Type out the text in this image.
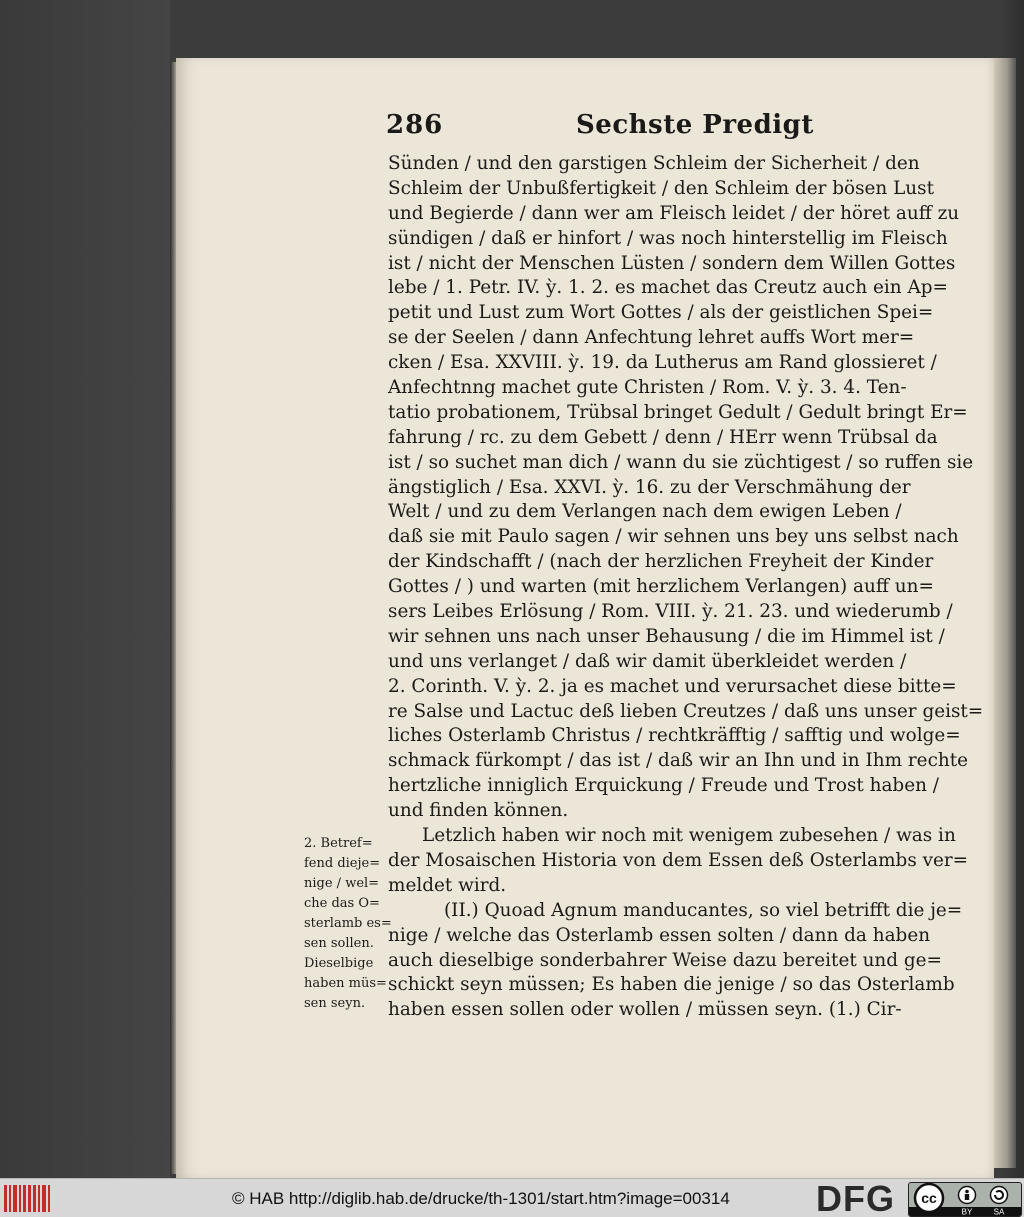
286	Sechste Predigt
Sünden / und den garstigen Schleim der Sicherheit / den
Schleim der Unbußfertigkeit / den Schleim der bösen Lust
und Begierde / dann wer am Fleisch leidet / der höret auff zu
sündigen / daß er hinfort / was noch hinterstellig im Fleisch
ist / nicht der Menschen Lüsten / sondern dem Willen Gottes
lebe / 1. Petr. IV. ỳ. 1. 2. es machet das Creutz auch ein Ap=
petit und Lust zum Wort Gottes / als der geistlichen Spei=
se der Seelen / dann Anfechtung lehret auffs Wort mer=
cken / Esa. XXVIII. ỳ. 19. da Lutherus am Rand glossieret /
Anfechtnng machet gute Christen / Rom. V. ỳ. 3. 4. Ten-
tatio probationem, Trübsal bringet Gedult / Gedult bringt Er=
fahrung / rc. zu dem Gebett / denn / HErr wenn Trübsal da
ist / so suchet man dich / wann du sie züchtigest / so ruffen sie
ängstiglich / Esa. XXVI. ỳ. 16. zu der Verschmähung der
Welt / und zu dem Verlangen nach dem ewigen Leben /
daß sie mit Paulo sagen / wir sehnen uns bey uns selbst nach
der Kindschafft / (nach der herzlichen Freyheit der Kinder
Gottes / ) und warten (mit herzlichem Verlangen) auff un=
sers Leibes Erlösung / Rom. VIII. ỳ. 21. 23. und wiederumb /
wir sehnen uns nach unser Behausung / die im Himmel ist /
und uns verlanget / daß wir damit überkleidet werden /
2. Corinth. V. ỳ. 2. ja es machet und verursachet diese bitte=
re Salse und Lactuc deß lieben Creutzes / daß uns unser geist=
liches Osterlamb Christus / rechtkräfftig / safftig und wolge=
schmack fürkompt / das ist / daß wir an Ihn und in Ihm rechte
hertzliche inniglich Erquickung / Freude und Trost haben /
und finden können.
Letzlich haben wir noch mit wenigem zubesehen / was in
der Mosaischen Historia von dem Essen deß Osterlambs ver=
meldet wird.
(II.) Quoad Agnum manducantes, so viel betrifft die je=
nige / welche das Osterlamb essen solten / dann da haben
auch dieselbige sonderbahrer Weise dazu bereitet und ge=
schickt seyn müssen; Es haben die jenige / so das Osterlamb
haben essen sollen oder wollen / müssen seyn. (1.) Cir-
2. Betref=
fend dieje=
nige / wel=
che das O=
sterlamb es=
sen sollen.
Dieselbige
haben müs=
sen seyn.
© HAB http://diglib.hab.de/drucke/th-1301/start.htm?image=00314 DFG cc
BY	SA
